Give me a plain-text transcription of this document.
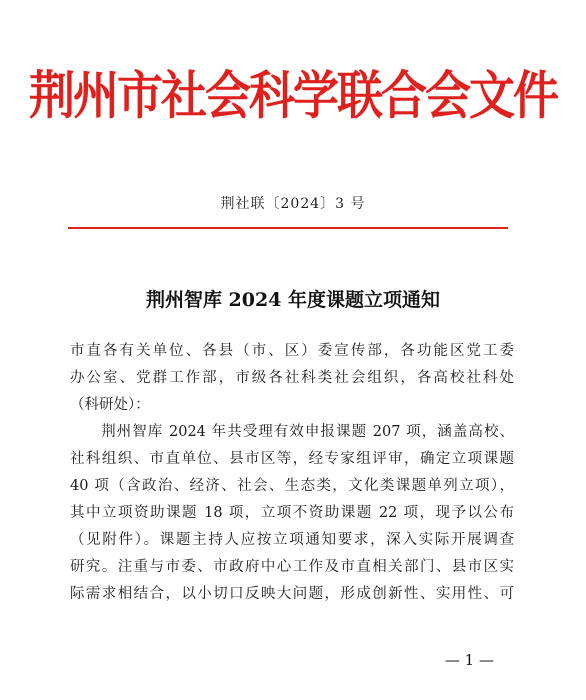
荆州市社会科学联合会文件
荆社联〔2024〕3 号
荆州智库 2024 年度课题立项通知
市直各有关单位、各县（市、区）委宣传部，各功能区党工委
办公室、党群工作部，市级各社科类社会组织，各高校社科处
（科研处）：
　　荆州智库 2024 年共受理有效申报课题 207 项，涵盖高校、
社科组织、市直单位、县市区等，经专家组评审，确定立项课题
40 项（含政治、经济、社会、生态类，文化类课题单列立项），
其中立项资助课题 18 项，立项不资助课题 22 项，现予以公布
（见附件）。课题主持人应按立项通知要求，深入实际开展调查
研究。注重与市委、市政府中心工作及市直相关部门、县市区实
际需求相结合，以小切口反映大问题，形成创新性、实用性、可
— 1 —
